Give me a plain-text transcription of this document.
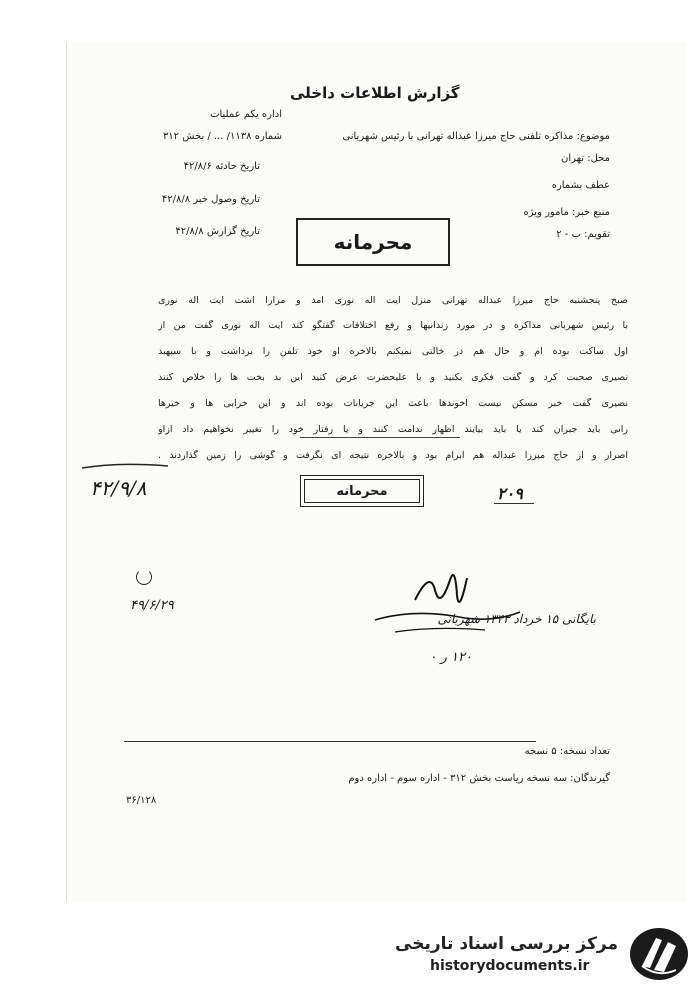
گزارش اطلاعات داخلی
موضوع: مذاکره تلفنی حاج میرزا عبداله تهرانی با رئیس شهربانی
محل: تهران
عطف بشماره
منبع خبر: مامور ویژه
تقویم: ب - ۲
اداره یکم عملیات
شماره ۱۱۳۸/ ... / بخش ۳۱۲
تاریخ حادثه ۴۲/۸/۶
تاریخ وصول خبر ۴۲/۸/۸
تاریخ گزارش ۴۲/۸/۸	محرمانه
صبح پنجشنبه حاج میرزا عبداله تهرانی منزل آیت اله نوری آمد و مرارا اشت آیت اله نوری
با رئیس شهربانی مذاکره و در مورد زندانیها و رفع اختلافات گفتگو کند آیت اله نوری گفت من از
اول ساکت بوده ام و حال هم در خالتی نمیکنم بالاخره او خود تلفن را برداشت و با سپهبد
نصیری صحبت کرد و گفت فکری بکنید و با علیحضرت عرض کنید این بد بخت ها را خلاص کنند
نصیری گفت خبر مسکن نیست آخوندها باعث این جریانات بوده اند و این خرابی ها و خیرها
رانی باید جبران کند یا باید بیایند اظهار ندامت کنند و یا رفتار خود را تغییر نخواهیم داد ازاو
اصرار و از حاج میرزا عبداله هم ابرام بود و بالاخره نتیجه ای نگرفت و گوشی را زمین گذاردند .
۴۲/۹/۸	محرمانه	۲۰۹
۴۹/۶/۲۹
بایگانی ۱۵ خرداد ۱۳۴۳ شهربانی
۱۲۰ ر ۰
تعداد نسخه: ۵ نسخه
گیرندگان: سه نسخه ریاست بخش ۳۱۲ - اداره سوم - اداره دوم
۳۶/۱۲۸
مرکز بررسی اسناد تاریخی
historydocuments.ir
